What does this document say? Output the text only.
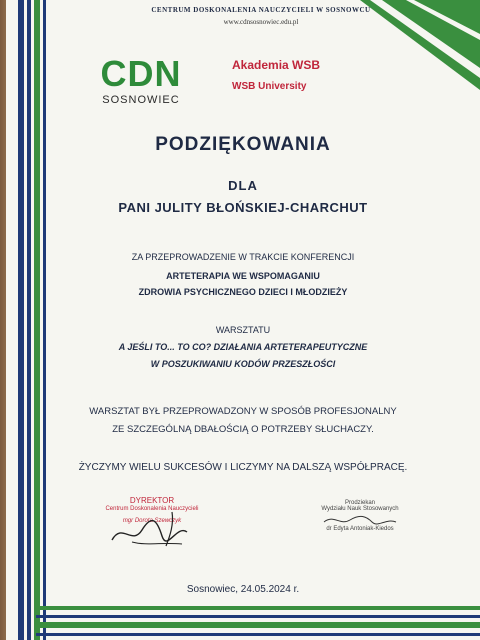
CENTRUM DOSKONALENIA NAUCZYCIELI W SOSNOWCU
www.cdnsosnowiec.edu.pl
CDN
SOSNOWIEC
Akademia WSB

WSB University
PODZIĘKOWANIA
DLA
PANI JULITY BŁOŃSKIEJ-CHARCHUT
ZA PRZEPROWADZENIE W TRAKCIE KONFERENCJI
ARTETERAPIA WE WSPOMAGANIU
ZDROWIA PSYCHICZNEGO DZIECI I MŁODZIEŻY
WARSZTATU
A JEŚLI TO... TO CO? DZIAŁANIA ARTETERAPEUTYCZNE
W POSZUKIWANIU KODÓW PRZESZŁOŚCI
WARSZTAT BYŁ PRZEPROWADZONY W SPOSÓB PROFESJONALNY
ZE SZCZEGÓLNĄ DBAŁOŚCIĄ O POTRZEBY SŁUCHACZY.
ŻYCZYMY WIELU SUKCESÓW I LICZYMY NA DALSZĄ WSPÓŁPRACĘ.
DYREKTOR
Centrum Doskonalenia Nauczycieli
mgr Dorota Szewczyk
Prodziekan
Wydziału Nauk Stosowanych
dr Edyta Antoniak-Kiedos
Sosnowiec, 24.05.2024 r.
